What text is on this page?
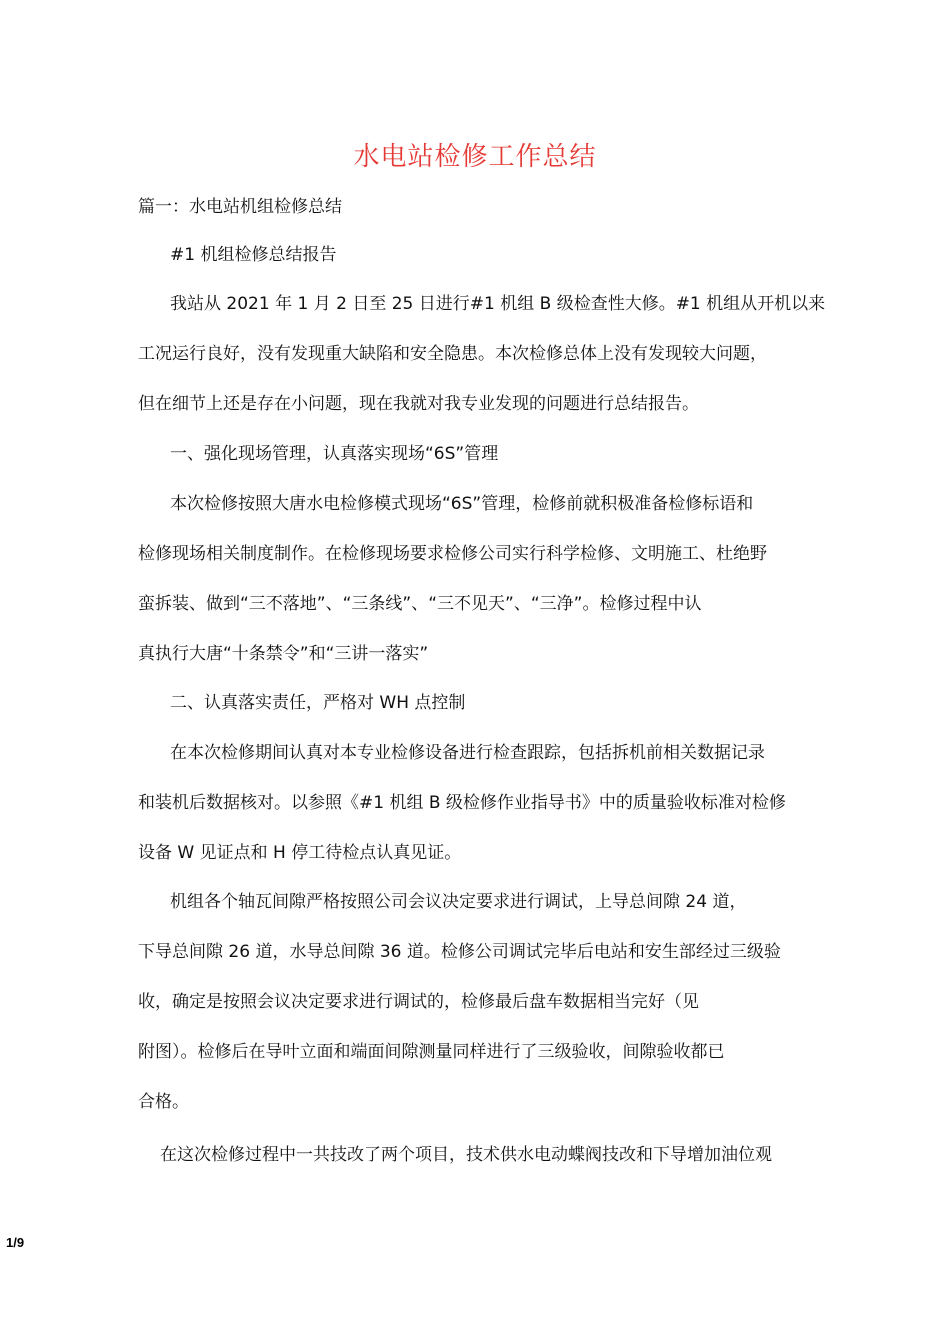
水电站检修工作总结
篇一：水电站机组检修总结
#1 机组检修总结报告
我站从 2021 年 1 月 2 日至 25 日进行#1 机组 B 级检查性大修。#1 机组从开机以来
工况运行良好，没有发现重大缺陷和安全隐患。本次检修总体上没有发现较大问题，
但在细节上还是存在小问题，现在我就对我专业发现的问题进行总结报告。
一、强化现场管理，认真落实现场“6S”管理
本次检修按照大唐水电检修模式现场“6S”管理，检修前就积极准备检修标语和
检修现场相关制度制作。在检修现场要求检修公司实行科学检修、文明施工、杜绝野
蛮拆装、做到“三不落地”、“三条线”、“三不见天”、“三净”。检修过程中认
真执行大唐“十条禁令”和“三讲一落实”
二、认真落实责任，严格对 WH 点控制
在本次检修期间认真对本专业检修设备进行检查跟踪，包括拆机前相关数据记录
和装机后数据核对。以参照《#1 机组 B 级检修作业指导书》中的质量验收标准对检修
设备 W 见证点和 H 停工待检点认真见证。
机组各个轴瓦间隙严格按照公司会议决定要求进行调试，上导总间隙 24 道，
下导总间隙 26 道，水导总间隙 36 道。检修公司调试完毕后电站和安生部经过三级验
收，确定是按照会议决定要求进行调试的，检修最后盘车数据相当完好（见
附图）。检修后在导叶立面和端面间隙测量同样进行了三级验收，间隙验收都已
合格。
在这次检修过程中一共技改了两个项目，技术供水电动蝶阀技改和下导增加油位观
1/9
